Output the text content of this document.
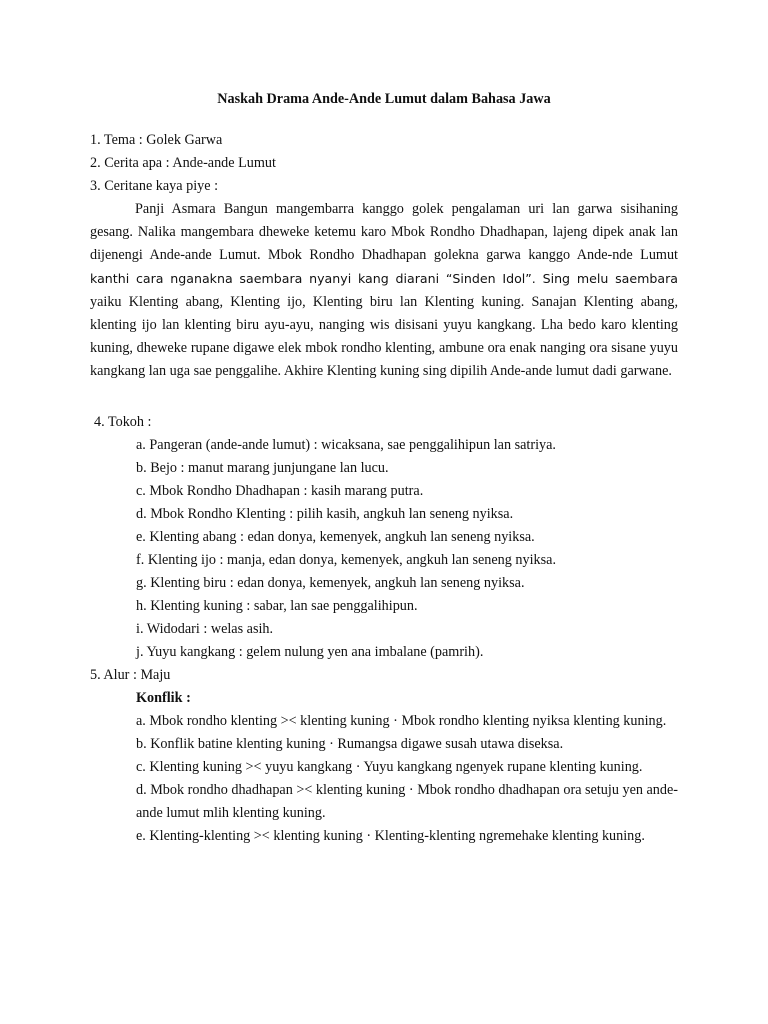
Naskah Drama Ande-Ande Lumut dalam Bahasa Jawa

1. Tema : Golek Garwa

2. Cerita apa : Ande-ande Lumut

3. Ceritane kaya piye :

Panji Asmara Bangun mangembarra kanggo golek pengalaman uri lan garwa sisihaning gesang. Nalika mangembara dheweke ketemu karo Mbok Rondho Dhadhapan, lajeng dipek anak lan dijenengi Ande-ande Lumut. Mbok Rondho Dhadhapan golekna garwa kanggo Ande-nde Lumut kanthi cara nganakna saembara nyanyi kang diarani “Sinden Idol”. Sing melu saembara yaiku Klenting abang, Klenting ijo, Klenting biru lan Klenting kuning. Sanajan Klenting abang, klenting ijo lan klenting biru ayu-ayu, nanging wis disisani yuyu kangkang. Lha bedo karo klenting kuning, dheweke rupane digawe elek mbok rondho klenting, ambune ora enak nanging ora sisane yuyu kangkang lan uga sae penggalihe. Akhire Klenting kuning sing dipilih Ande-ande lumut dadi garwane.

4. Tokoh :

a. Pangeran (ande-ande lumut) : wicaksana, sae penggalihipun lan satriya.
b. Bejo : manut marang junjungane lan lucu.
c. Mbok Rondho Dhadhapan : kasih marang putra.
d. Mbok Rondho Klenting : pilih kasih, angkuh lan seneng nyiksa.
e. Klenting abang : edan donya, kemenyek, angkuh lan seneng nyiksa.
f. Klenting ijo : manja, edan donya, kemenyek, angkuh lan seneng nyiksa.
g. Klenting biru : edan donya, kemenyek, angkuh lan seneng nyiksa.
h. Klenting kuning : sabar, lan sae penggalihipun.
i. Widodari : welas asih.
j. Yuyu kangkang : gelem nulung yen ana imbalane (pamrih).

5. Alur : Maju

Konflik :

a. Mbok rondho klenting >< klenting kuning · Mbok rondho klenting nyiksa klenting kuning.

b. Konflik batine klenting kuning · Rumangsa digawe susah utawa diseksa.

c. Klenting kuning >< yuyu kangkang · Yuyu kangkang ngenyek rupane klenting kuning.

d. Mbok rondho dhadhapan >< klenting kuning · Mbok rondho dhadhapan ora setuju yen ande-ande lumut mlih klenting kuning.

e. Klenting-klenting >< klenting kuning · Klenting-klenting ngremehake klenting kuning.
